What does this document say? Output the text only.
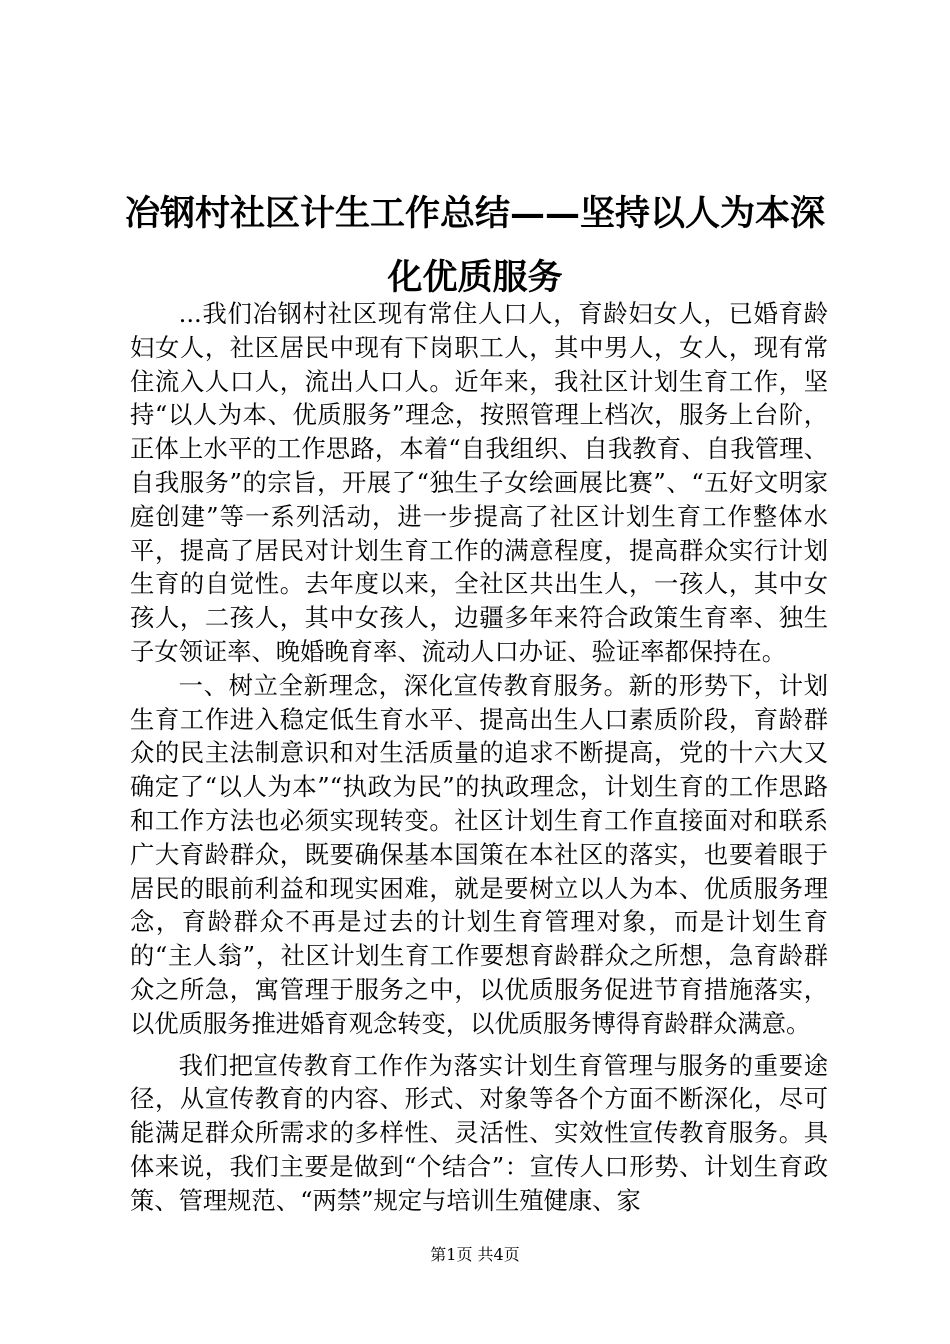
冶钢村社区计生工作总结——坚持以人为本深化优质服务

...我们冶钢村社区现有常住人口人，育龄妇女人，已婚育龄妇女人，社区居民中现有下岗职工人，其中男人，女人，现有常住流入人口人，流出人口人。近年来，我社区计划生育工作，坚持“以人为本、优质服务”理念，按照管理上档次，服务上台阶，正体上水平的工作思路，本着“自我组织、自我教育、自我管理、自我服务”的宗旨，开展了“独生子女绘画展比赛”、“五好文明家庭创建”等一系列活动，进一步提高了社区计划生育工作整体水平，提高了居民对计划生育工作的满意程度，提高群众实行计划生育的自觉性。去年度以来，全社区共出生人，一孩人，其中女孩人，二孩人，其中女孩人，边疆多年来符合政策生育率、独生子女领证率、晚婚晚育率、流动人口办证、验证率都保持在。

一、树立全新理念，深化宣传教育服务。新的形势下，计划生育工作进入稳定低生育水平、提高出生人口素质阶段，育龄群众的民主法制意识和对生活质量的追求不断提高，党的十六大又确定了“以人为本”“执政为民”的执政理念，计划生育的工作思路和工作方法也必须实现转变。社区计划生育工作直接面对和联系广大育龄群众，既要确保基本国策在本社区的落实，也要着眼于居民的眼前利益和现实困难，就是要树立以人为本、优质服务理念，育龄群众不再是过去的计划生育管理对象，而是计划生育的“主人翁”，社区计划生育工作要想育龄群众之所想，急育龄群众之所急，寓管理于服务之中，以优质服务促进节育措施落实，以优质服务推进婚育观念转变，以优质服务博得育龄群众满意。

我们把宣传教育工作作为落实计划生育管理与服务的重要途径，从宣传教育的内容、形式、对象等各个方面不断深化，尽可能满足群众所需求的多样性、灵活性、实效性宣传教育服务。具体来说，我们主要是做到“个结合”：宣传人口形势、计划生育政策、管理规范、“两禁”规定与培训生殖健康、家

第1页 共4页
